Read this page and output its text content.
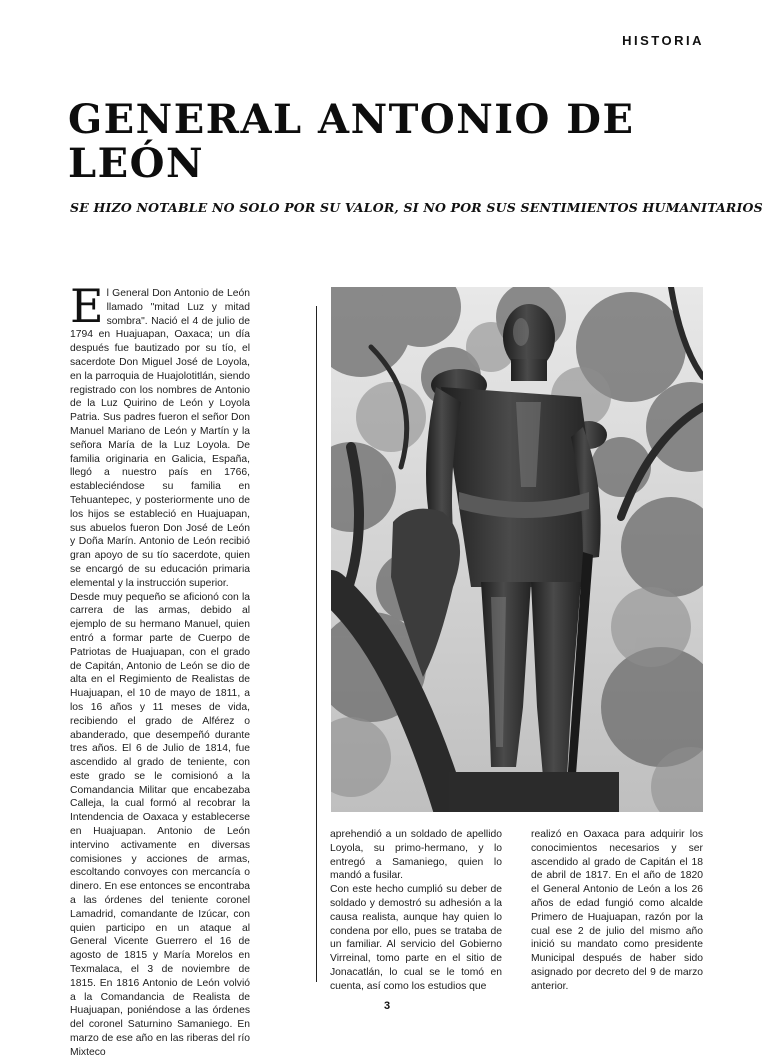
HISTORIA
GENERAL ANTONIO DE LEÓN
SE HIZO NOTABLE NO SOLO POR SU VALOR, SI NO POR SUS SENTIMIENTOS HUMANITARIOS

El General Don Antonio de León llamado "mitad Luz y mitad sombra". Nació el 4 de julio de 1794 en Huajuapan, Oaxaca; un día después fue bautizado por su tío, el sacerdote Don Miguel José de Loyola, en la parroquia de Huajolotitlán, siendo registrado con los nombres de Antonio de la Luz Quirino de León y Loyola Patria. Sus padres fueron el señor Don Manuel Mariano de León y Martín y la señora María de la Luz Loyola. De familia originaria en Galicia, España, llegó a nuestro país en 1766, estableciéndose su familia en Tehuantepec, y posteriormente uno de los hijos se estableció en Huajuapan, sus abuelos fueron Don José de León y Doña Marín. Antonio de León recibió gran apoyo de su tío sacerdote, quien se encargó de su educación primaria elemental y la instrucción superior.

Desde muy pequeño se aficionó con la carrera de las armas, debido al ejemplo de su hermano Manuel, quien entró a formar parte de Cuerpo de Patriotas de Huajuapan, con el grado de Capitán, Antonio de León se dio de alta en el Regimiento de Realistas de Huajuapan, el 10 de mayo de 1811, a los 16 años y 11 meses de vida, recibiendo el grado de Alférez o abanderado, que desempeñó durante tres años. El 6 de Julio de 1814, fue ascendido al grado de teniente, con este grado se le comisionó a la Comandancia Militar que encabezaba Calleja, la cual formó al recobrar la Intendencia de Oaxaca y establecerse en Huajuapan. Antonio de León intervino activamente en diversas comisiones y acciones de armas, escoltando convoyes con mercancía o dinero. En ese entonces se encontraba a las órdenes del teniente coronel Lamadrid, comandante de Izúcar, con quien participo en un ataque al General Vicente Guerrero el 16 de agosto de 1815 y María Morelos en Texmalaca, el 3 de noviembre de 1815. En 1816 Antonio de León volvió a la Comandancia de Realista de Huajuapan, poniéndose a las órdenes del coronel Saturnino Samaniego. En marzo de ese año en las riberas del río Mixteco

aprehendió a un soldado de apellido Loyola, su primo-hermano, y lo entregó a Samaniego, quien lo mandó a fusilar.

Con este hecho cumplió su deber de soldado y demostró su adhesión a la causa realista, aunque hay quien lo condena por ello, pues se trataba de un familiar. Al servicio del Gobierno Virreinal, tomo parte en el sitio de Jonacatlán, lo cual se le tomó en cuenta, así como los estudios que

realizó en Oaxaca para adquirir los conocimientos necesarios y ser ascendido al grado de Capitán el 18 de abril de 1817. En el año de 1820 el General Antonio de León a los 26 años de edad fungió como alcalde Primero de Huajuapan, razón por la cual ese 2 de julio del mismo año inició su mandato como presidente Municipal después de haber sido asignado por decreto del 9 de marzo anterior.

3
